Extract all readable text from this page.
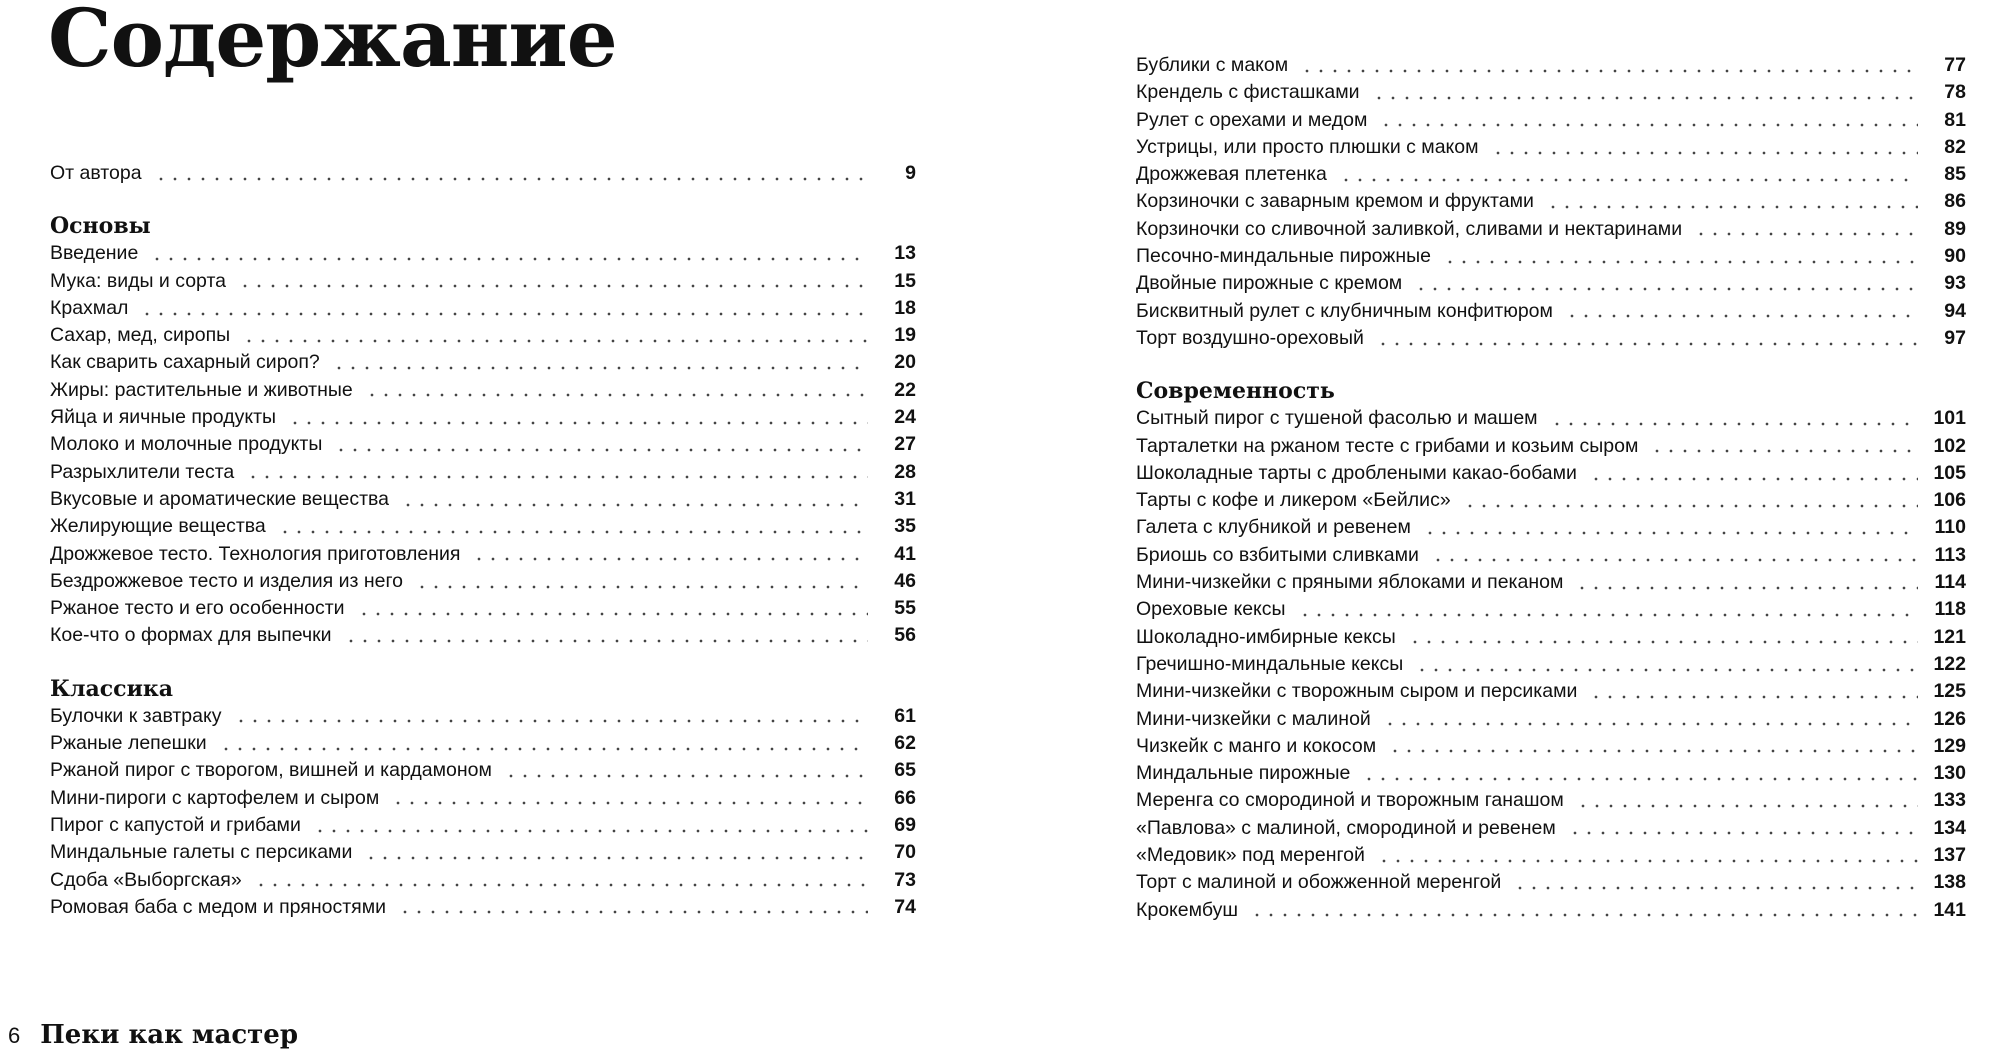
Содержание
От автора	9
Основы
Введение	13
Мука: виды и сорта	15
Крахмал	18
Сахар, мед, сиропы	19
Как сварить сахарный сироп?	20
Жиры: растительные и животные	22
Яйца и яичные продукты	24
Молоко и молочные продукты	27
Разрыхлители теста	28
Вкусовые и ароматические вещества	31
Желирующие вещества	35
Дрожжевое тесто. Технология приготовления	41
Бездрожжевое тесто и изделия из него	46
Ржаное тесто и его особенности	55
Кое-что о формах для выпечки	56
Классика
Булочки к завтраку	61
Ржаные лепешки	62
Ржаной пирог с творогом, вишней и кардамоном	65
Мини-пироги с картофелем и сыром	66
Пирог с капустой и грибами	69
Миндальные галеты с персиками	70
Сдоба «Выборгская»	73
Ромовая баба с медом и пряностями	74
Бублики с маком	77
Крендель с фисташками	78
Рулет с орехами и медом	81
Устрицы, или просто плюшки с маком	82
Дрожжевая плетенка	85
Корзиночки с заварным кремом и фруктами	86
Корзиночки со сливочной заливкой, сливами и нектаринами	89
Песочно-миндальные пирожные	90
Двойные пирожные с кремом	93
Бисквитный рулет с клубничным конфитюром	94
Торт воздушно-ореховый	97
Современность
Сытный пирог с тушеной фасолью и машем	101
Тарталетки на ржаном тесте с грибами и козьим сыром	102
Шоколадные тарты с дроблеными какао-бобами	105
Тарты с кофе и ликером «Бейлис»	106
Галета с клубникой и ревенем	110
Бриошь со взбитыми сливками	113
Мини-чизкейки с пряными яблоками и пеканом	114
Ореховые кексы	118
Шоколадно-имбирные кексы	121
Гречишно-миндальные кексы	122
Мини-чизкейки с творожным сыром и персиками	125
Мини-чизкейки с малиной	126
Чизкейк с манго и кокосом	129
Миндальные пирожные	130
Меренга со смородиной и творожным ганашом	133
«Павлова» с малиной, смородиной и ревенем	134
«Медовик» под меренгой	137
Торт с малиной и обожженной меренгой	138
Крокембуш	141
6 Пеки как мастер
